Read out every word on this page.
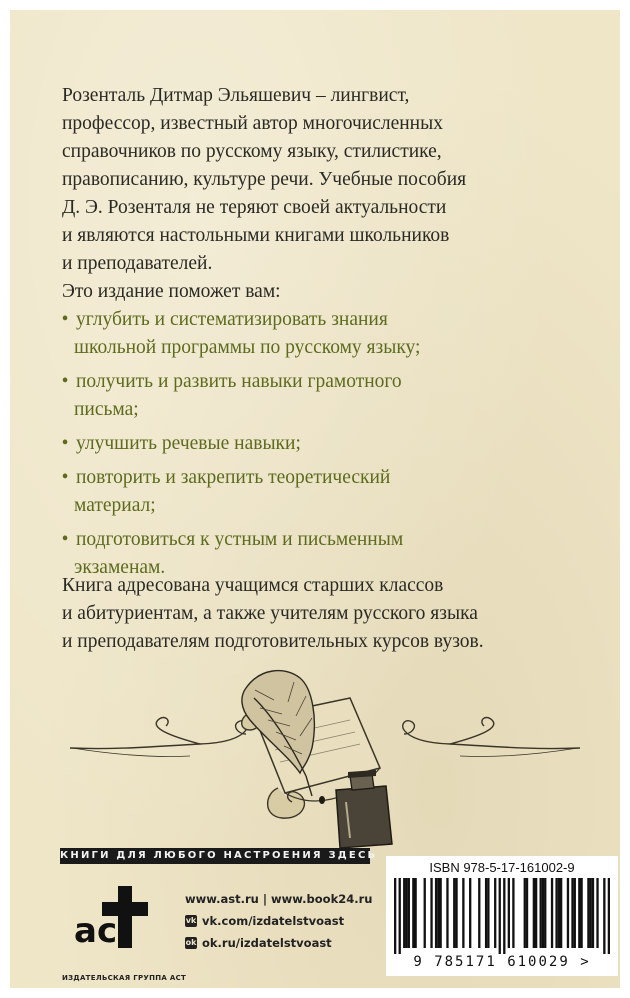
Розенталь Дитмар Эльяшевич – лингвист,
профессор, известный автор многочисленных
справочников по русскому языку, стилистике,
правописанию, культуре речи. Учебные пособия
Д. Э. Розенталя не теряют своей актуальности
и являются настольными книгами школьников
и преподавателей.
Это издание поможет вам:
• углубить и систематизировать знания
школьной программы по русскому языку;
• получить и развить навыки грамотного
письма;
• улучшить речевые навыки;
• повторить и закрепить теоретический
материал;
• подготовиться к устным и письменным
экзаменам.
Книга адресована учащимся старших классов
и абитуриентам, а также учителям русского языка
и преподавателям подготовительных курсов вузов.
КНИГИ ДЛЯ ЛЮБОГО НАСТРОЕНИЯ ЗДЕСЬ
ac
ИЗДАТЕЛЬСКАЯ ГРУППА АСТ
www.ast.ru | www.book24.ru
vk vk.com/izdatelstvoast
ok ok.ru/izdatelstvoast
ISBN 978-5-17-161002-9
9 785171 610029 >
